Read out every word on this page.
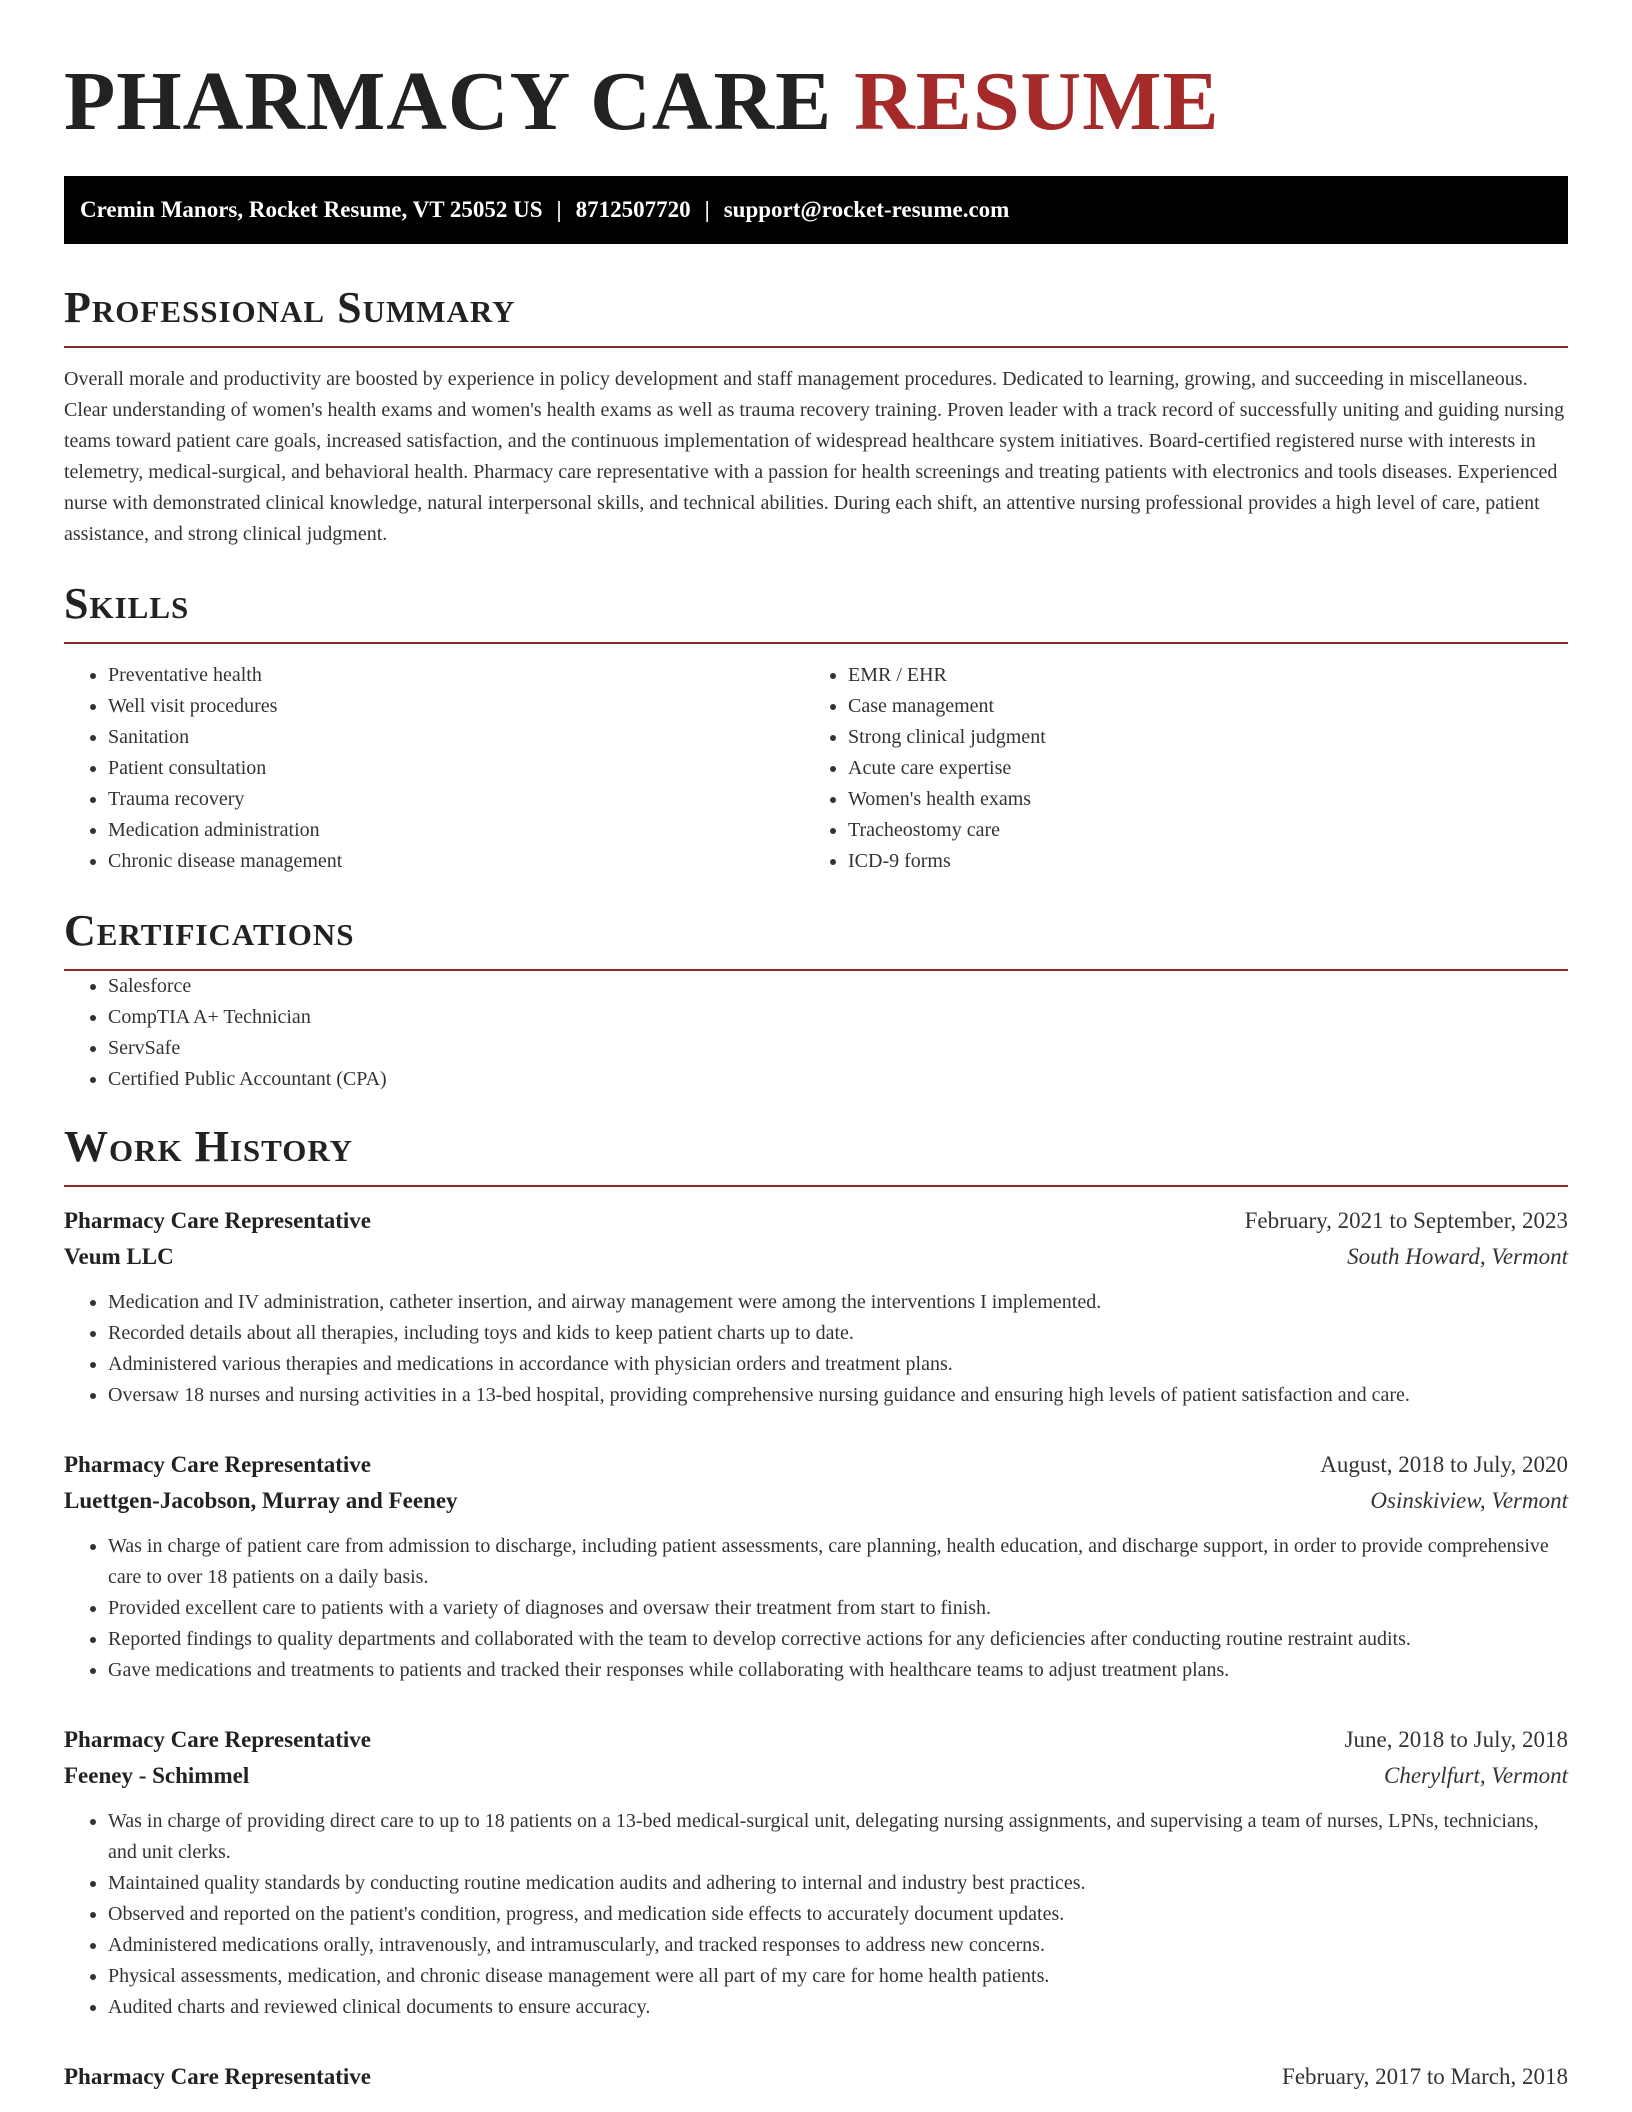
PHARMACY CARE RESUME
Cremin Manors, Rocket Resume, VT 25052 US | 8712507720 | support@rocket-resume.com
Professional Summary

Overall morale and productivity are boosted by experience in policy development and staff management procedures. Dedicated to learning, growing, and succeeding in miscellaneous. Clear understanding of women's health exams and women's health exams as well as trauma recovery training. Proven leader with a track record of successfully uniting and guiding nursing teams toward patient care goals, increased satisfaction, and the continuous implementation of widespread healthcare system initiatives. Board-certified registered nurse with interests in telemetry, medical-surgical, and behavioral health. Pharmacy care representative with a passion for health screenings and treating patients with electronics and tools diseases. Experienced nurse with demonstrated clinical knowledge, natural interpersonal skills, and technical abilities. During each shift, an attentive nursing professional provides a high level of care, patient assistance, and strong clinical judgment.

Skills
• Preventative health
• Well visit procedures
• Sanitation
• Patient consultation
• Trauma recovery
• Medication administration
• Chronic disease management
• EMR / EHR
• Case management
• Strong clinical judgment
• Acute care expertise
• Women's health exams
• Tracheostomy care
• ICD-9 forms
Certifications
• Salesforce
• CompTIA A+ Technician
• ServSafe
• Certified Public Accountant (CPA)
Work History
Pharmacy Care Representative	February, 2021 to September, 2023
Veum LLC	South Howard, Vermont
• Medication and IV administration, catheter insertion, and airway management were among the interventions I implemented.
• Recorded details about all therapies, including toys and kids to keep patient charts up to date.
• Administered various therapies and medications in accordance with physician orders and treatment plans.
• Oversaw 18 nurses and nursing activities in a 13-bed hospital, providing comprehensive nursing guidance and ensuring high levels of patient satisfaction and care.
Pharmacy Care Representative	August, 2018 to July, 2020
Luettgen-Jacobson, Murray and Feeney	Osinskiview, Vermont
• Was in charge of patient care from admission to discharge, including patient assessments, care planning, health education, and discharge support, in order to provide comprehensive care to over 18 patients on a daily basis.
• Provided excellent care to patients with a variety of diagnoses and oversaw their treatment from start to finish.
• Reported findings to quality departments and collaborated with the team to develop corrective actions for any deficiencies after conducting routine restraint audits.
• Gave medications and treatments to patients and tracked their responses while collaborating with healthcare teams to adjust treatment plans.
Pharmacy Care Representative	June, 2018 to July, 2018
Feeney - Schimmel	Cherylfurt, Vermont
• Was in charge of providing direct care to up to 18 patients on a 13-bed medical-surgical unit, delegating nursing assignments, and supervising a team of nurses, LPNs, technicians, and unit clerks.
• Maintained quality standards by conducting routine medication audits and adhering to internal and industry best practices.
• Observed and reported on the patient's condition, progress, and medication side effects to accurately document updates.
• Administered medications orally, intravenously, and intramuscularly, and tracked responses to address new concerns.
• Physical assessments, medication, and chronic disease management were all part of my care for home health patients.
• Audited charts and reviewed clinical documents to ensure accuracy.
Pharmacy Care Representative	February, 2017 to March, 2018
